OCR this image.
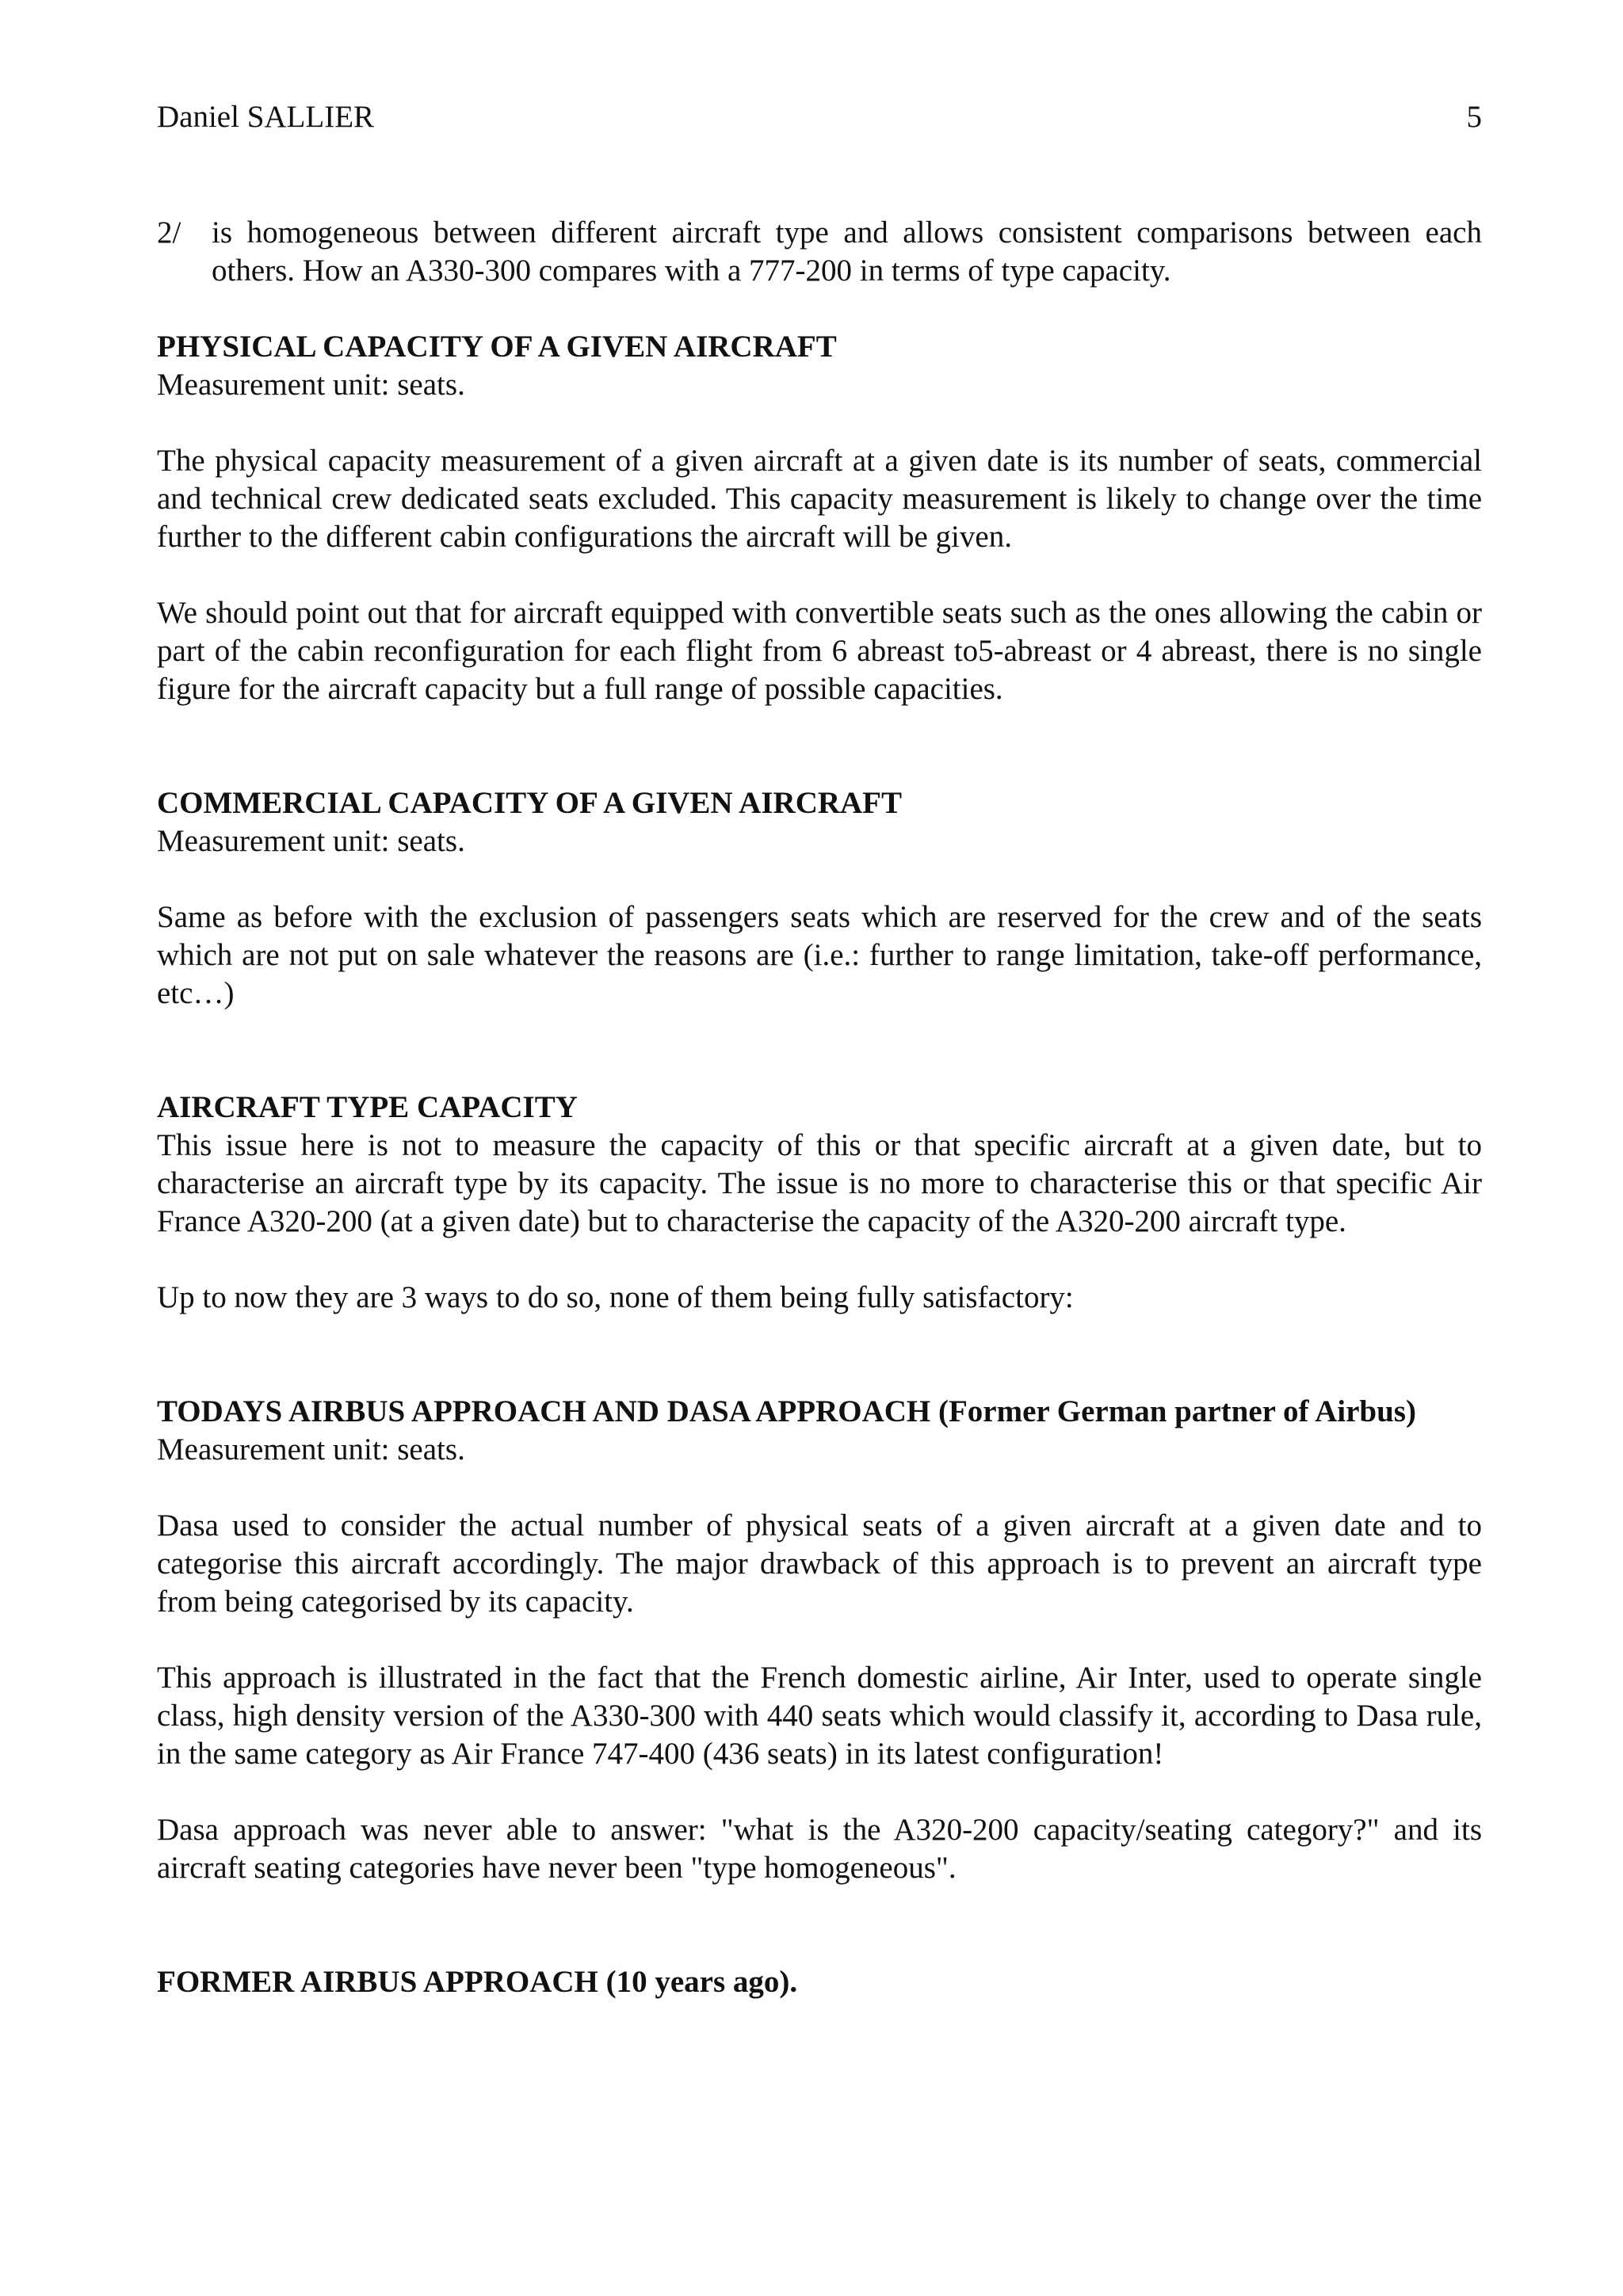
Daniel SALLIER	5
2/ is homogeneous between different aircraft type and allows consistent comparisons between each others. How an A330-300 compares with a 777-200 in terms of type capacity.
PHYSICAL CAPACITY OF A GIVEN AIRCRAFT

Measurement unit: seats.

The physical capacity measurement of a given aircraft at a given date is its number of seats, commercial and technical crew dedicated seats excluded. This capacity measurement is likely to change over the time further to the different cabin configurations the aircraft will be given.

We should point out that for aircraft equipped with convertible seats such as the ones allowing the cabin or part of the cabin reconfiguration for each flight from 6 abreast to5-abreast or 4 abreast, there is no single figure for the aircraft capacity but a full range of possible capacities.

COMMERCIAL CAPACITY OF A GIVEN AIRCRAFT

Measurement unit: seats.

Same as before with the exclusion of passengers seats which are reserved for the crew and of the seats which are not put on sale whatever the reasons are (i.e.: further to range limitation, take-off performance, etc…)

AIRCRAFT TYPE CAPACITY

This issue here is not to measure the capacity of this or that specific aircraft at a given date, but to characterise an aircraft type by its capacity. The issue is no more to characterise this or that specific Air France A320-200 (at a given date) but to characterise the capacity of the A320-200 aircraft type.

Up to now they are 3 ways to do so, none of them being fully satisfactory:

TODAYS AIRBUS APPROACH AND DASA APPROACH (Former German partner of Airbus)

Measurement unit: seats.

Dasa used to consider the actual number of physical seats of a given aircraft at a given date and to categorise this aircraft accordingly. The major drawback of this approach is to prevent an aircraft type from being categorised by its capacity.

This approach is illustrated in the fact that the French domestic airline, Air Inter, used to operate single class, high density version of the A330-300 with 440 seats which would classify it, according to Dasa rule, in the same category as Air France 747-400 (436 seats) in its latest configuration!

Dasa approach was never able to answer: "what is the A320-200 capacity/seating category?" and its aircraft seating categories have never been "type homogeneous".

FORMER AIRBUS APPROACH (10 years ago).
